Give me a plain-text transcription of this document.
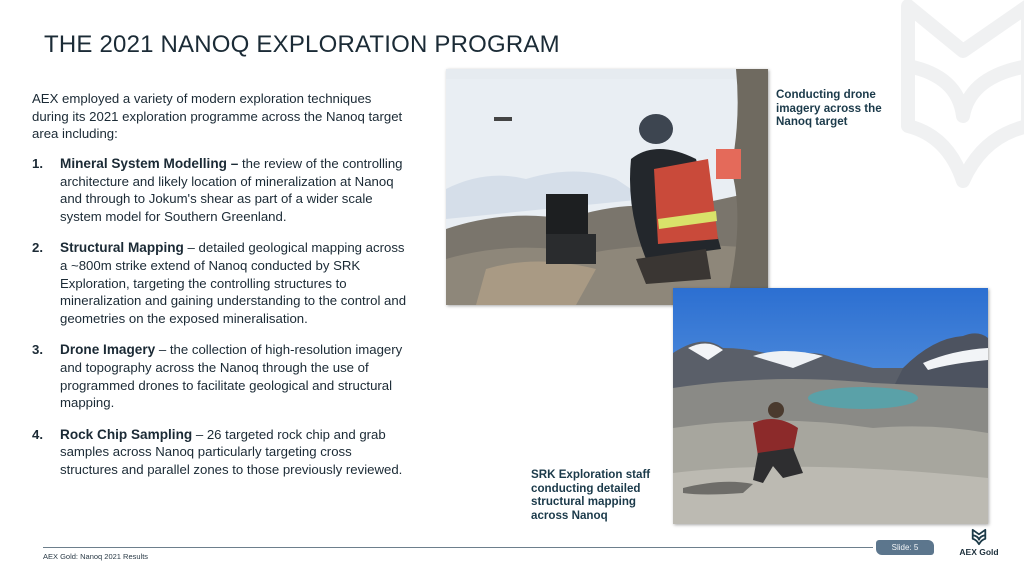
THE 2021 NANOQ EXPLORATION PROGRAM

AEX employed a variety of modern exploration techniques during its 2021 exploration programme across the Nanoq target area including:

1. Mineral System Modelling – the review of the controlling architecture and likely location of mineralization at Nanoq and through to Jokum's shear as part of a wider scale system model for Southern Greenland.
2. Structural Mapping – detailed geological mapping across a ~800m strike extend of Nanoq conducted by SRK Exploration, targeting the controlling structures to mineralization and gaining understanding to the control and geometries on the exposed mineralisation.
3. Drone Imagery – the collection of high-resolution imagery and topography across the Nanoq through the use of programmed drones to facilitate geological and structural mapping.
4. Rock Chip Sampling – 26 targeted rock chip and grab samples across Nanoq particularly targeting cross structures and parallel zones to those previously reviewed.
Conducting drone imagery across the Nanoq target
SRK Exploration staff conducting detailed structural mapping across Nanoq
AEX Gold: Nanoq 2021 Results
Slide: 5	AEX Gold
